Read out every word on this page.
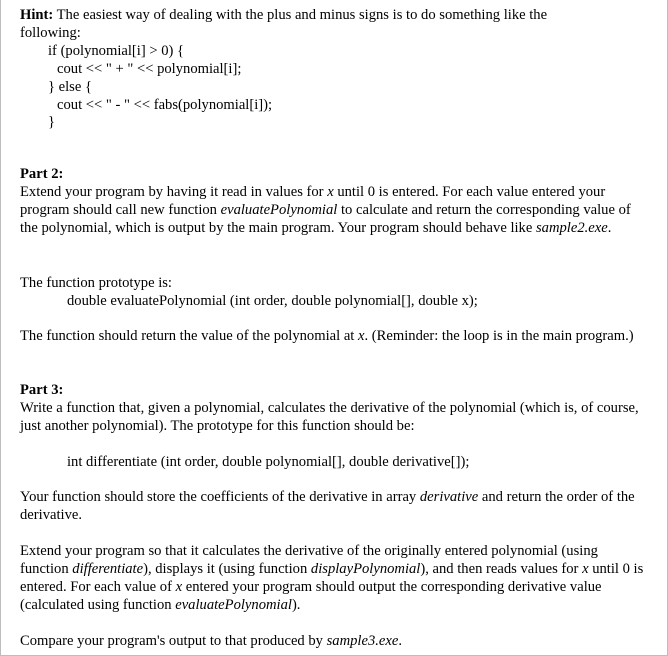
Hint: The easiest way of dealing with the plus and minus signs is to do something like the
following:

if (polynomial[i] > 0) {
cout << " + " << polynomial[i];
} else {
cout << " - " << fabs(polynomial[i]);
}
Part 2:

Extend your program by having it read in values for x until 0 is entered. For each value entered your program should call new function evaluatePolynomial to calculate and return the corresponding value of the polynomial, which is output by the main program. Your program should behave like sample2.exe.

The function prototype is:
double evaluatePolynomial (int order, double polynomial[], double x);

The function should return the value of the polynomial at x. (Reminder: the loop is in the main program.)

Part 3:
Write a function that, given a polynomial, calculates the derivative of the polynomial (which is, of course, just another polynomial). The prototype for this function should be:
int differentiate (int order, double polynomial[], double derivative[]);

Your function should store the coefficients of the derivative in array derivative and return the order of the derivative.

Extend your program so that it calculates the derivative of the originally entered polynomial (using function differentiate), displays it (using function displayPolynomial), and then reads values for x until 0 is entered. For each value of x entered your program should output the corresponding derivative value (calculated using function evaluatePolynomial).

Compare your program's output to that produced by sample3.exe.
